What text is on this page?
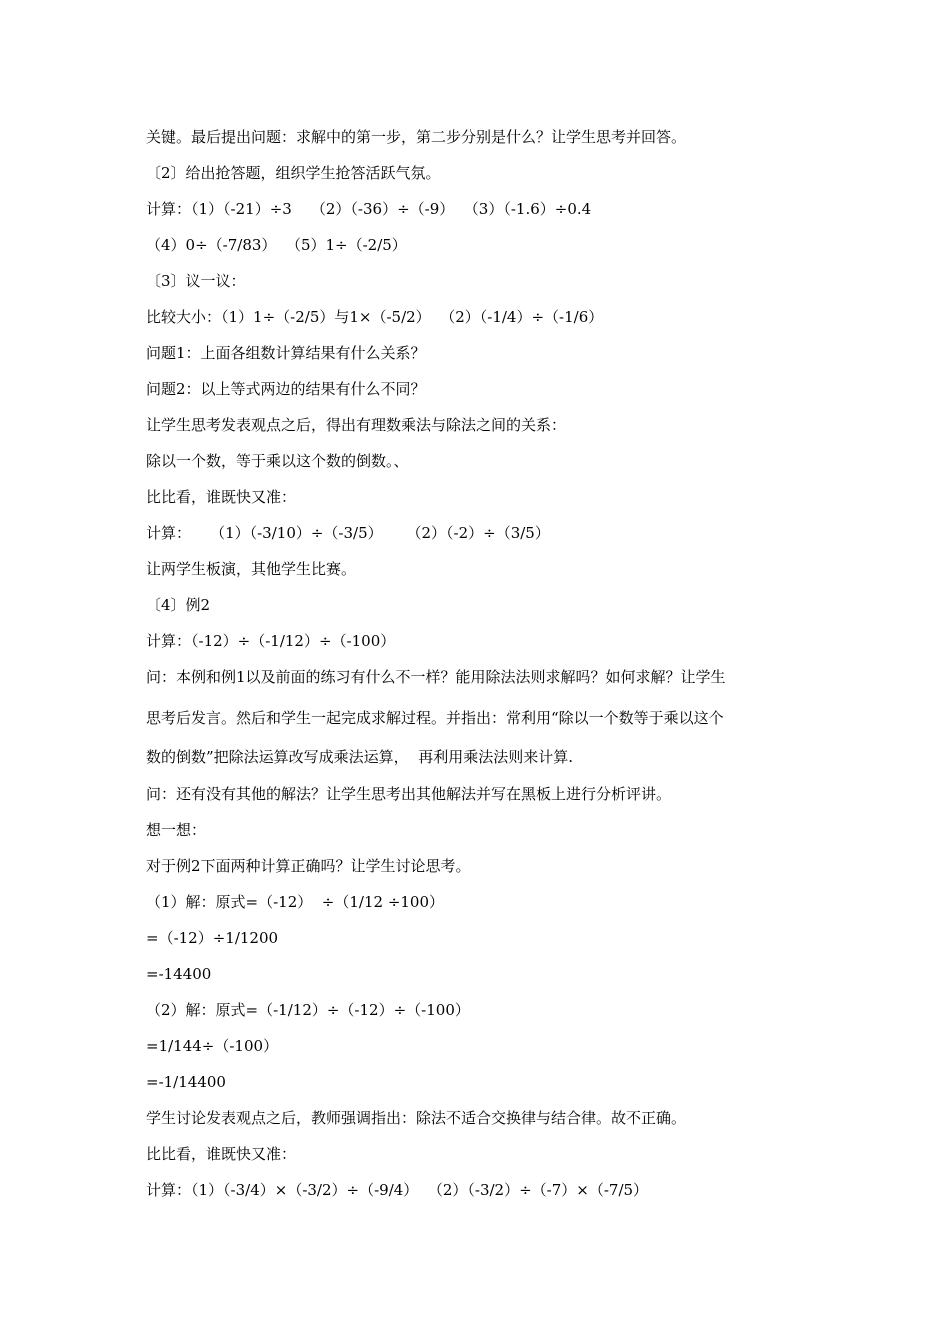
关键。最后提出问题：求解中的第一步，第二步分别是什么？让学生思考并回答。
〔2〕给出抢答题，组织学生抢答活跃气氛。
计算：（1）（-21）÷3    （2）（-36）÷（-9）  （3）（-1.6）÷0.4
（4）0÷（-7/83）  （5）1÷（-2/5）
〔3〕议一议：
比较大小：（1）1÷（-2/5）与1×（-5/2）  （2）（-1/4）÷（-1/6）
问题1：上面各组数计算结果有什么关系？
问题2：以上等式两边的结果有什么不同？
让学生思考发表观点之后，得出有理数乘法与除法之间的关系：
除以一个数，等于乘以这个数的倒数。、
比比看，谁既快又准：
计算：    （1）（-3/10）÷（-3/5）     （2）（-2）÷（3/5）
让两学生板演，其他学生比赛。
〔4〕例2
计算：（-12）÷（-1/12）÷（-100）
问：本例和例1以及前面的练习有什么不一样？能用除法法则求解吗？如何求解？让学生
思考后发言。然后和学生一起完成求解过程。并指出：常利用“除以一个数等于乘以这个
数的倒数”把除法运算改写成乘法运算，  再利用乘法法则来计算.
问：还有没有其他的解法？让学生思考出其他解法并写在黑板上进行分析评讲。
想一想：
对于例2下面两种计算正确吗？让学生讨论思考。
（1）解：原式=（-12）  ÷（1/12 ÷100）
=（-12）÷1/1200
=-14400
（2）解：原式=（-1/12）÷（-12）÷（-100）
=1/144÷（-100）
=-1/14400
学生讨论发表观点之后，教师强调指出：除法不适合交换律与结合律。故不正确。
比比看，谁既快又准：
计算：（1）（-3/4）×（-3/2）÷（-9/4）  （2）（-3/2）÷（-7）×（-7/5）
